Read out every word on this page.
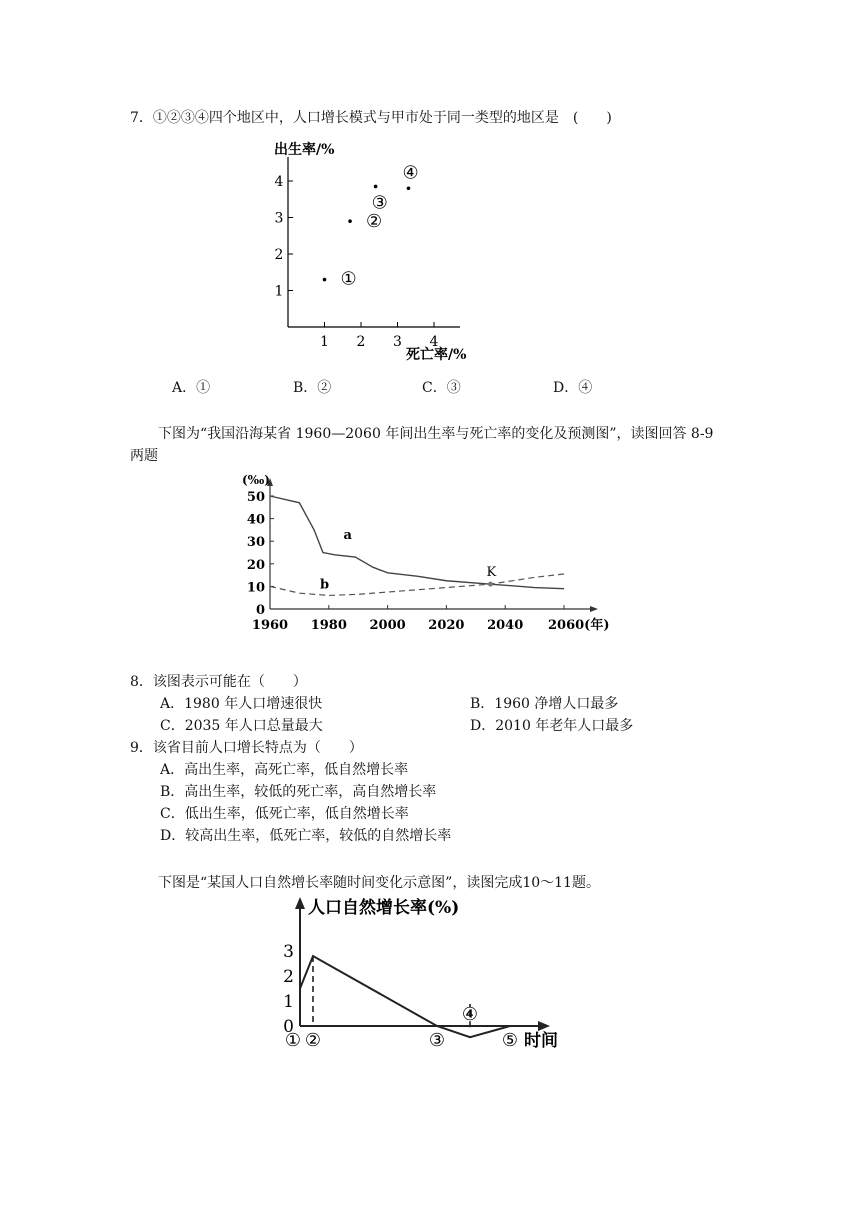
7．①②③④四个地区中，人口增长模式与甲市处于同一类型的地区是　(　　)
出生率/%
死亡率/%
1
2
3
4
1 2 3 4
①
②
③
④
A．①	B．②	C．③	D．④
下图为“我国沿海某省 1960—2060 年间出生率与死亡率的变化及预测图”，读图回答 8-9
两题
(‰)
0
10
20
30
40
50
1960 1980 2000 2020 2040 2060(年)
a
b
K
8．该图表示可能在（　　）
A．1980 年人口增速很快	B．1960 净增人口最多
C．2035 年人口总量最大	D．2010 年老年人口最多
9．该省目前人口增长特点为（　　）
A．高出生率，高死亡率，低自然增长率
B．高出生率，较低的死亡率，高自然增长率
C．低出生率，低死亡率，低自然增长率
D．较高出生率，低死亡率，较低的自然增长率
下图是“某国人口自然增长率随时间变化示意图”，读图完成10～11题。
人口自然增长率(%)
0
1
2
3
① ②	③
④
⑤ 时间
